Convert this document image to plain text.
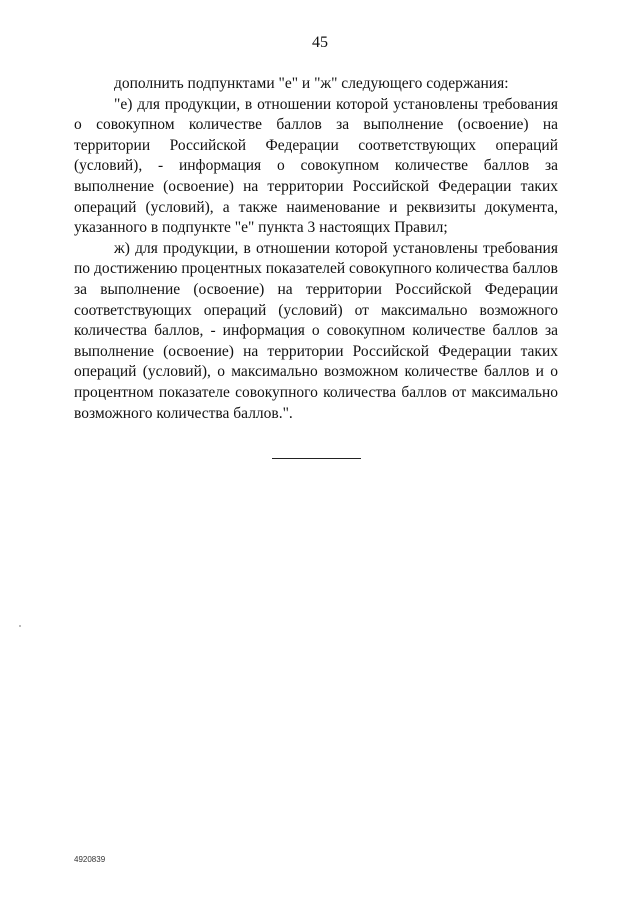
45

дополнить подпунктами "е" и "ж" следующего содержания:

"е) для продукции, в отношении которой установлены требования о совокупном количестве баллов за выполнение (освоение) на территории Российской Федерации соответствующих операций (условий), - информация о совокупном количестве баллов за выполнение (освоение) на территории Российской Федерации таких операций (условий), а также наименование и реквизиты документа, указанного в подпункте "е" пункта 3 настоящих Правил;

ж) для продукции, в отношении которой установлены требования по достижению процентных показателей совокупного количества баллов за выполнение (освоение) на территории Российской Федерации соответствующих операций (условий) от максимально возможного количества баллов, - информация о совокупном количестве баллов за выполнение (освоение) на территории Российской Федерации таких операций (условий), о максимально возможном количестве баллов и о процентном показателе совокупного количества баллов от максимально возможного количества баллов.".

4920839
